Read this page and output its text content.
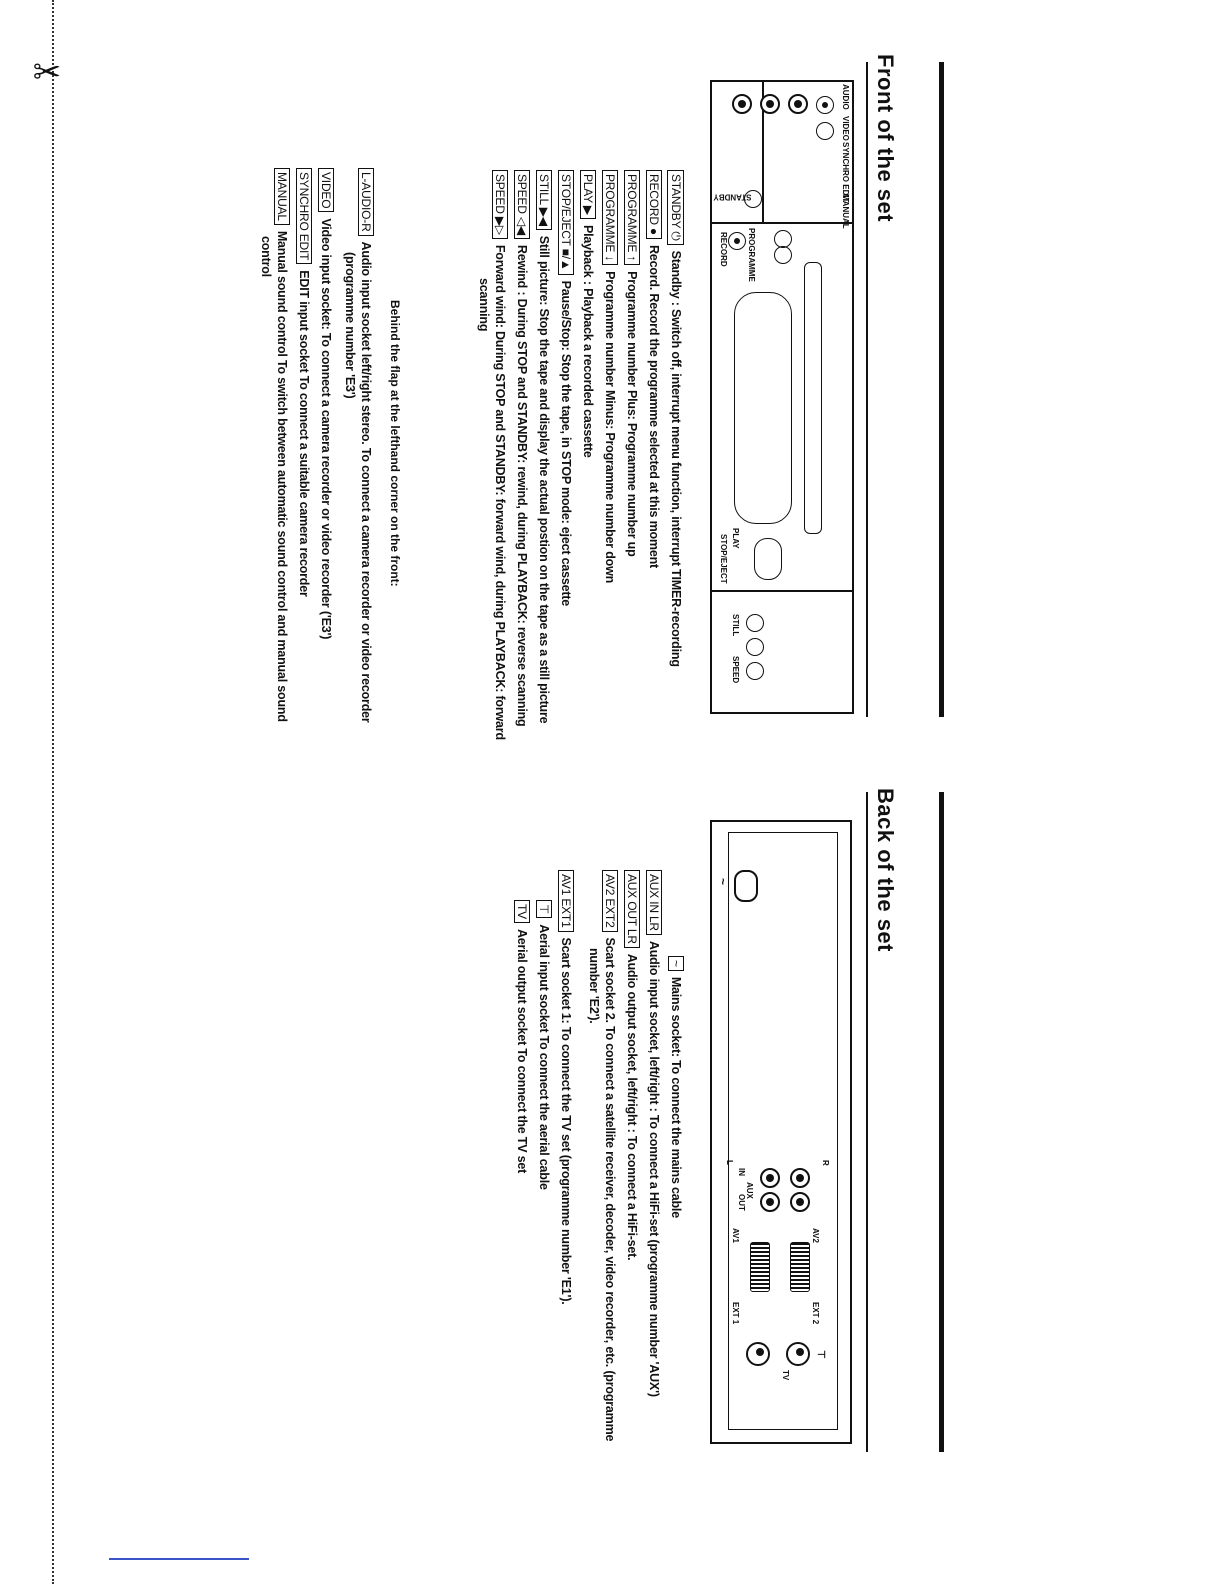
✂	Front of the set
STANDBY
AUDIO
VIDEO
SYNCHRO EDIT
MANUAL
PROGRAMME
RECORD
PLAY
STOP/EJECT
STILL
SPEED
STANDBY ⏻Standby : Switch off, interrupt menu function, interrupt TIMER-recording
RECORD ●Record. Record the programme selected at this moment
PROGRAMME ↑Programme number Plus: Programme number up
PROGRAMME ↓Programme number Minus: Programme number down
PLAY ▶Playback : Playback a recorded cassette
STOP/EJECT ■/▲Pause/Stop: Stop the tape, in STOP mode: eject cassette
STILL ▶◀Still picture: Stop the tape and display the actual postion on the tape as a still picture
SPEED ◁◀Rewind : During STOP and STANDBY: rewind, during PLAYBACK: reverse scanning
SPEED ▶▷Forward wind: During STOP and STANDBY: forward wind, during PLAYBACK: forward
scanning
Behind the flap at the lefthand corner on the front:
L-AUDIO-RAudio input socket left/right stereo. To connect a camera recorder or video recorder
(programme number 'E3')
VIDEOVideo input socket: To connect a camera recorder or video recorder ('E3')
SYNCHRO EDITEDIT input socket To connect a suitable camera recorder
MANUALManual sound control To switch between automatic sound control and manual sound
control
Back of the set
~
AUX
IN
OUT
L	R
AV2
EXT 2
AV1
EXT 1
⊤
TV
~Mains socket: To connect the mains cable
AUX IN LRAudio input socket, left/right : To connect a HiFi-set (programme number 'AUX')
AUX OUT LRAudio output socket, left/right : To connect a HiFi-set.
AV2 EXT2Scart socket 2. To connect a satellite receiver, decoder, video recorder, etc. (programme
number 'E2').
AV1 EXT1Scart socket 1: To connect the TV set (programme number 'E1').
⊤Aerial input socket To connect the aerial cable
TVAerial output socket To connect the TV set
